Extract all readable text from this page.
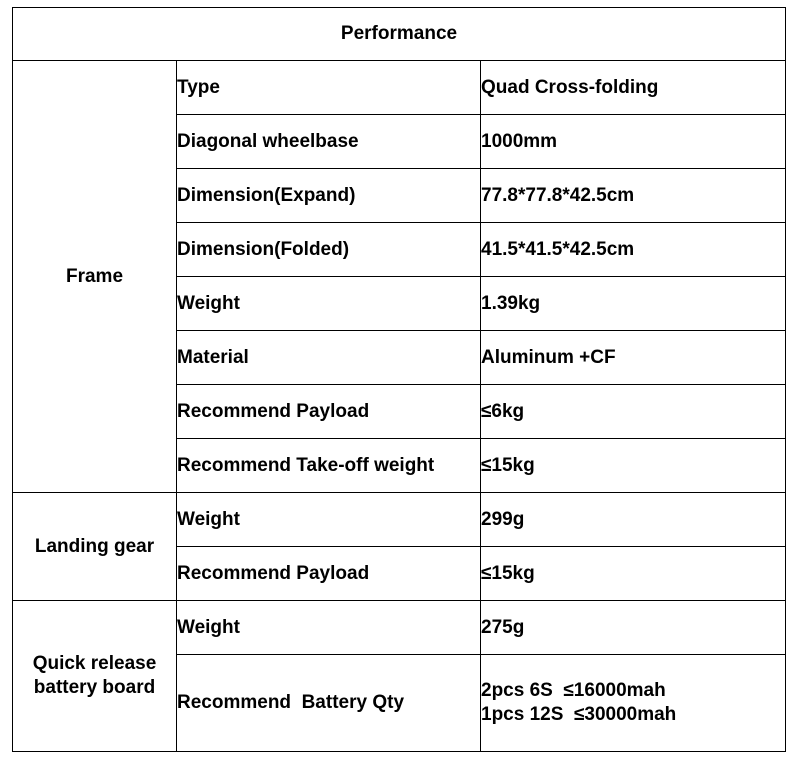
Performance		
Frame	Type	Quad Cross-folding
	Diagonal wheelbase	1000mm
	Dimension(Expand)	77.8*77.8*42.5cm
	Dimension(Folded)	41.5*41.5*42.5cm
	Weight	1.39kg
	Material	Aluminum +CF
	Recommend Payload	≤6kg
	Recommend Take-off weight	≤15kg
Landing gear	Weight	299g
	Recommend Payload	≤15kg

Quick release
battery board	Weight	275g
	Recommend  Battery Qty	2pcs 6S  ≤16000mah
1pcs 12S  ≤30000mah
